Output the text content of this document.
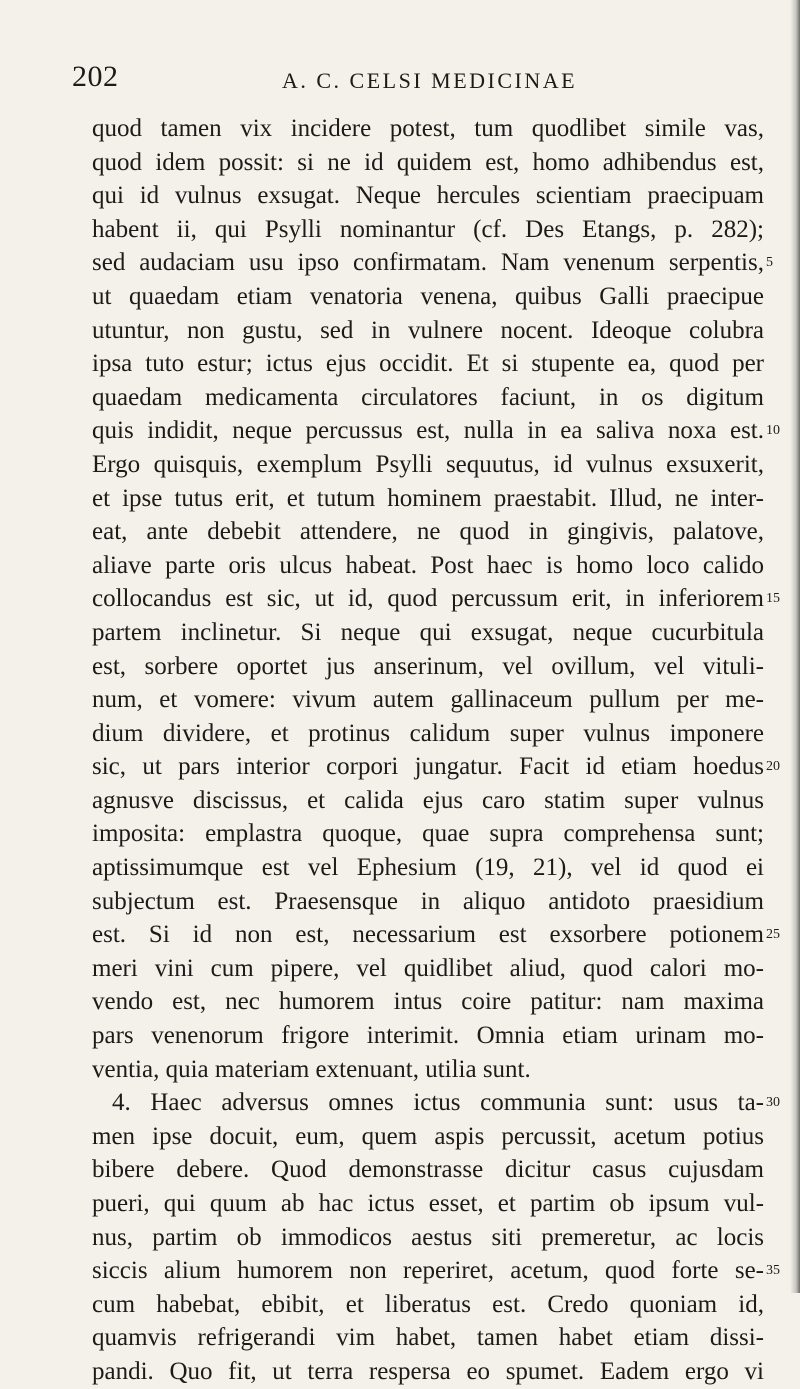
202	A. C. CELSI MEDICINAE
quod tamen vix incidere potest, tum quodlibet simile vas,
quod idem possit: si ne id quidem est, homo adhibendus est,
qui id vulnus exsugat. Neque hercules scientiam praecipuam
habent ii, qui Psylli nominantur (cf. Des Etangs, p. 282);
sed audaciam usu ipso confirmatam. Nam venenum serpentis, 5
ut quaedam etiam venatoria venena, quibus Galli praecipue
utuntur, non gustu, sed in vulnere nocent. Ideoque colubra
ipsa tuto estur; ictus ejus occidit. Et si stupente ea, quod per
quaedam medicamenta circulatores faciunt, in os digitum
quis indidit, neque percussus est, nulla in ea saliva noxa est. 10
Ergo quisquis, exemplum Psylli sequutus, id vulnus exsuxerit,
et ipse tutus erit, et tutum hominem praestabit. Illud, ne inter-
eat, ante debebit attendere, ne quod in gingivis, palatove,
aliave parte oris ulcus habeat. Post haec is homo loco calido
collocandus est sic, ut id, quod percussum erit, in inferiorem 15
partem inclinetur. Si neque qui exsugat, neque cucurbitula
est, sorbere oportet jus anserinum, vel ovillum, vel vituli-
num, et vomere: vivum autem gallinaceum pullum per me-
dium dividere, et protinus calidum super vulnus imponere
sic, ut pars interior corpori jungatur. Facit id etiam hoedus 20
agnusve discissus, et calida ejus caro statim super vulnus
imposita: emplastra quoque, quae supra comprehensa sunt;
aptissimumque est vel Ephesium (19, 21), vel id quod ei
subjectum est. Praesensque in aliquo antidoto praesidium
est. Si id non est, necessarium est exsorbere potionem 25
meri vini cum pipere, vel quidlibet aliud, quod calori mo-
vendo est, nec humorem intus coire patitur: nam maxima
pars venenorum frigore interimit. Omnia etiam urinam mo-
ventia, quia materiam extenuant, utilia sunt.
4. Haec adversus omnes ictus communia sunt: usus ta- 30
men ipse docuit, eum, quem aspis percussit, acetum potius
bibere debere. Quod demonstrasse dicitur casus cujusdam
pueri, qui quum ab hac ictus esset, et partim ob ipsum vul-
nus, partim ob immodicos aestus siti premeretur, ac locis
siccis alium humorem non reperiret, acetum, quod forte se- 35
cum habebat, ebibit, et liberatus est. Credo quoniam id,
quamvis refrigerandi vim habet, tamen habet etiam dissi-
pandi. Quo fit, ut terra respersa eo spumet. Eadem ergo vi
